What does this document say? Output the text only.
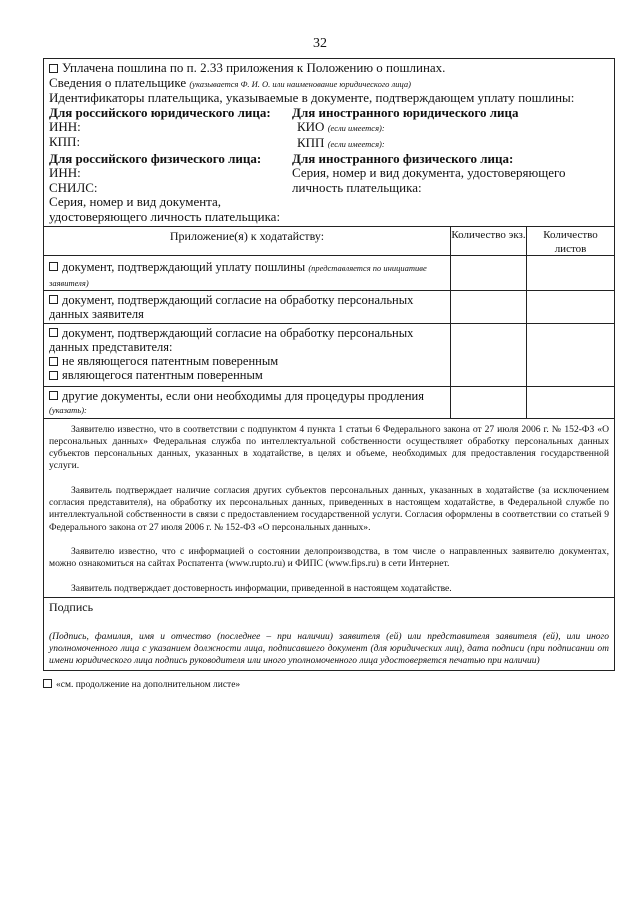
32
Уплачена пошлина по п. 2.33 приложения к Положению о пошлинах.
Сведения о плательщике (указывается Ф. И. О. или наименование юридического лица)
Идентификаторы плательщика, указываемые в документе, подтверждающем уплату пошлины:
Для российского юридического лица:
ИНН:
КПП:
Для иностранного юридического лица
КИО (если имеется):
КПП (если имеется):
Для российского физического лица:
ИНН:
СНИЛС:
Серия, номер и вид документа,
удостоверяющего личность плательщика:
Для иностранного физического лица:
Серия, номер и вид документа, удостоверяющего
личность плательщика:
Приложение(я) к ходатайству:	Количество экз.	Количество листов
документ, подтверждающий уплату пошлины (представляется по инициативе заявителя)
документ, подтверждающий согласие на обработку персональных
данных заявителя
документ, подтверждающий согласие на обработку персональных
данных представителя:
не являющегося патентным поверенным
являющегося патентным поверенным
другие документы, если они необходимы для процедуры продления
(указать):
Заявителю известно, что в соответствии с подпунктом 4 пункта 1 статьи 6 Федерального закона от 27 июля 2006 г. № 152-ФЗ «О персональных данных» Федеральная служба по интеллектуальной собственности осуществляет обработку персональных данных субъектов персональных данных, указанных в ходатайстве, в целях и объеме, необходимых для предоставления государственной услуги.
Заявитель подтверждает наличие согласия других субъектов персональных данных, указанных в ходатайстве (за исключением согласия представителя), на обработку их персональных данных, приведенных в настоящем ходатайстве, в Федеральной службе по интеллектуальной собственности в связи с предоставлением государственной услуги. Согласия оформлены в соответствии со статьей 9 Федерального закона от 27 июля 2006 г. № 152-ФЗ «О персональных данных».
Заявителю известно, что с информацией о состоянии делопроизводства, в том числе о направленных заявителю документах, можно ознакомиться на сайтах Роспатента (www.rupto.ru) и ФИПС (www.fips.ru) в сети Интернет.
Заявитель подтверждает достоверность информации, приведенной в настоящем ходатайстве.
Подпись
(Подпись, фамилия, имя и отчество (последнее – при наличии) заявителя (ей) или представителя заявителя (ей), или иного уполномоченного лица с указанием должности лица, подписавшего документ (для юридических лиц), дата подписи (при подписании от имени юридического лица подпись руководителя или иного уполномоченного лица удостоверяется печатью при наличии)
«см. продолжение на дополнительном листе»
